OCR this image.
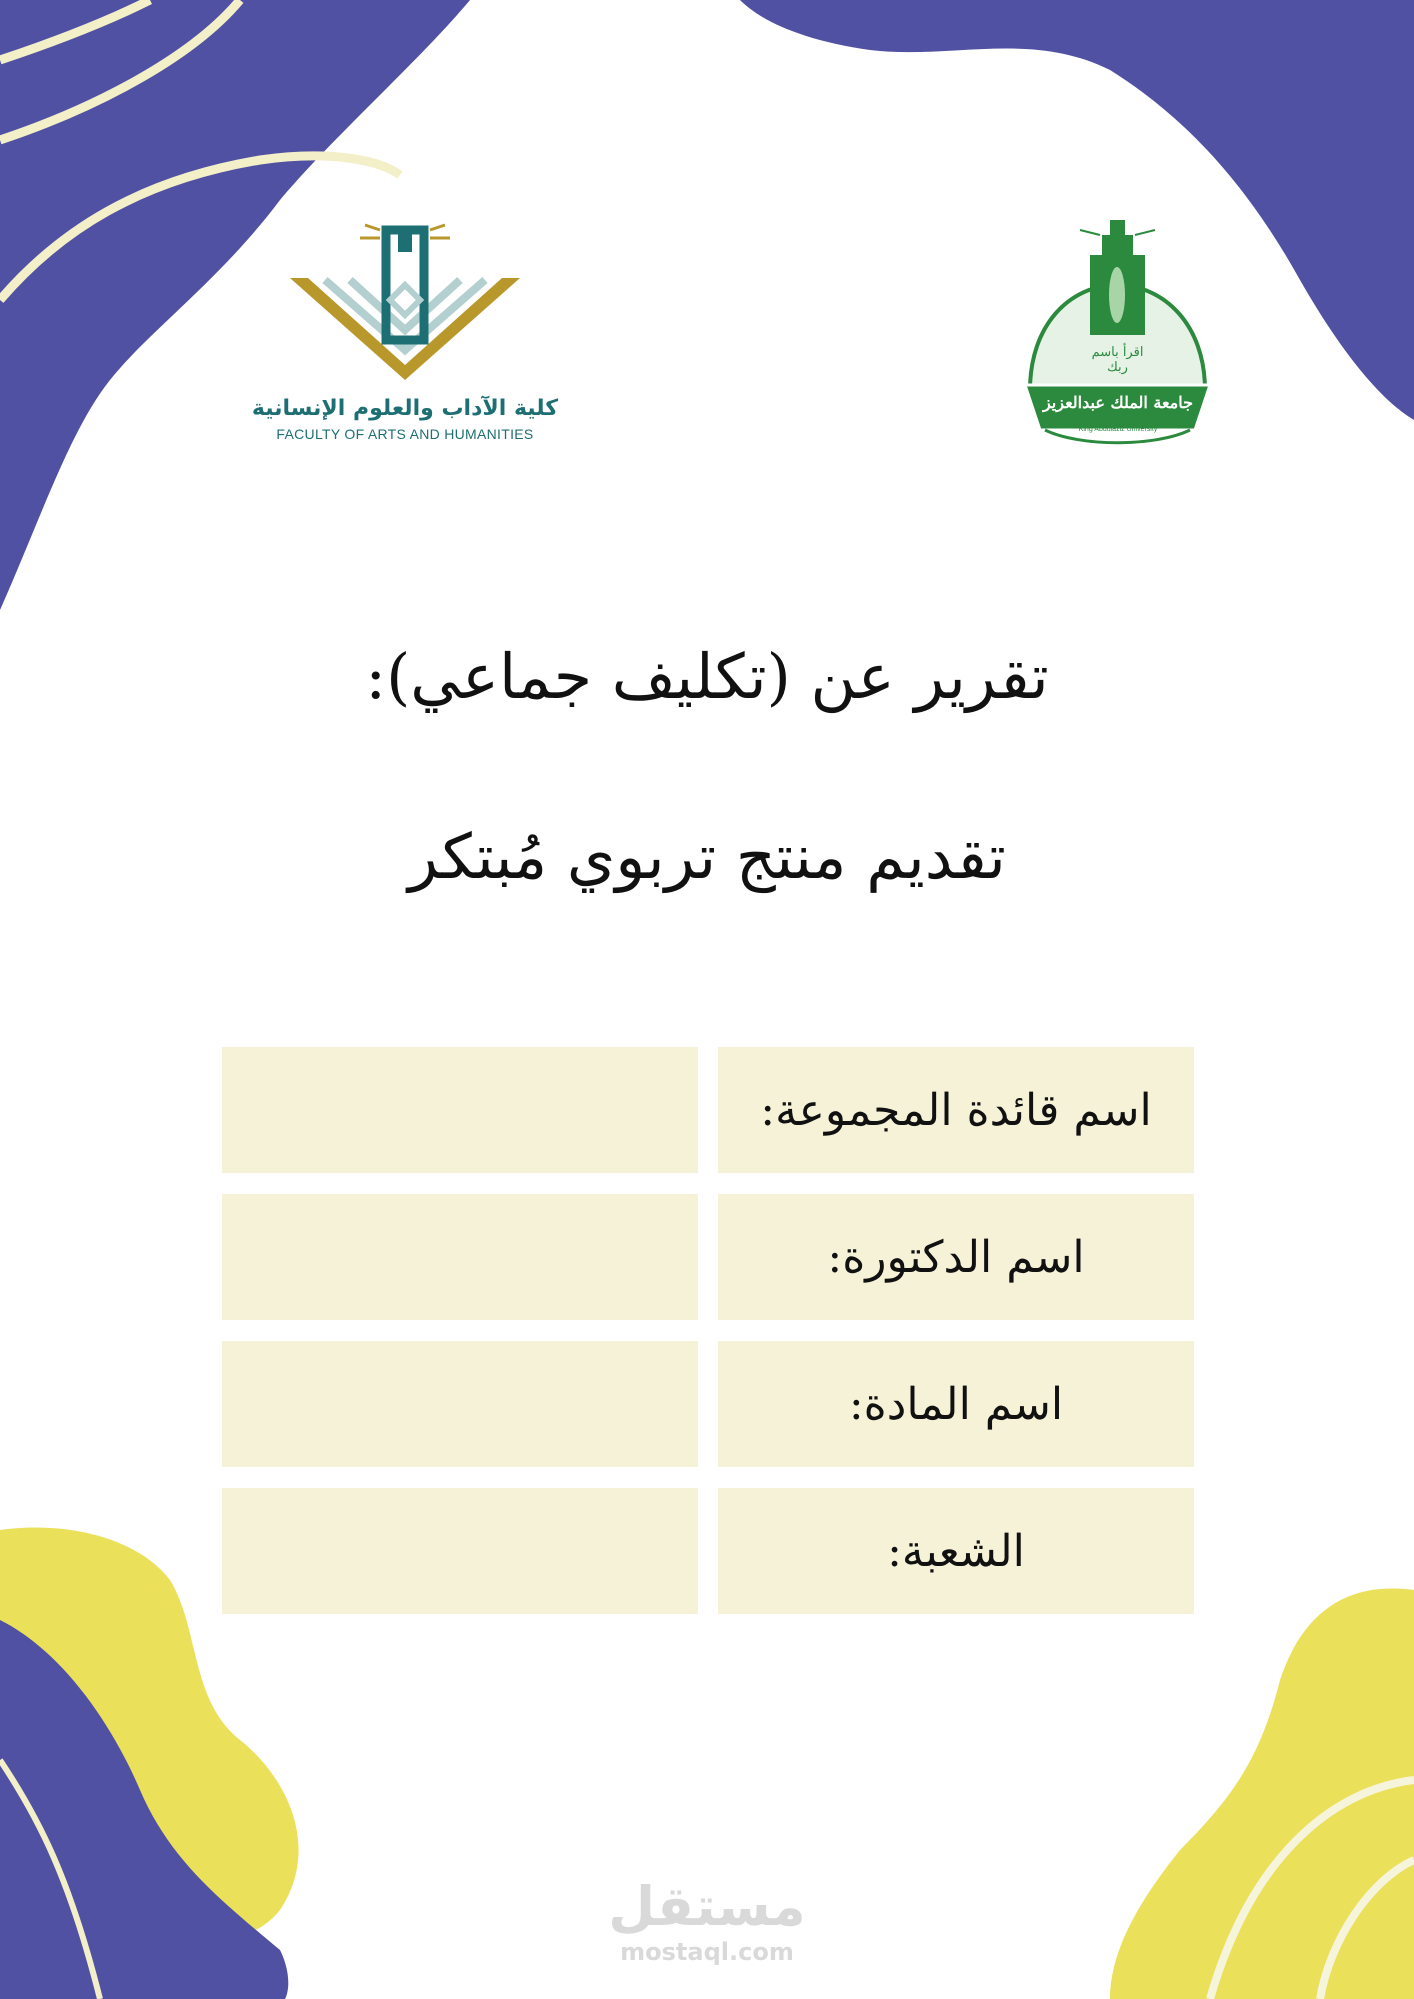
كلية الآداب والعلوم الإنسانية
FACULTY OF ARTS AND HUMANITIES
اقرأ باسم ربك
جامعة الملك عبدالعزيز
King Abdulaziz University
تقرير عن (تكليف جماعي):
تقديم منتج تربوي مُبتكر
اسم قائدة المجموعة:
اسم الدكتورة:
اسم المادة:
الشعبة:
مستقل
mostaql.com
